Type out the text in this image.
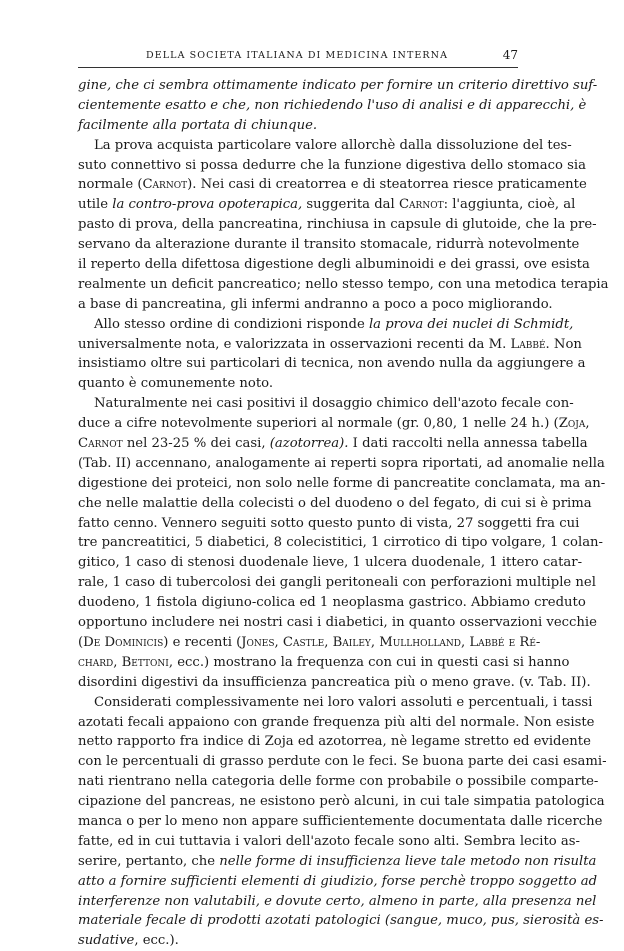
DELLA SOCIETA ITALIANA DI MEDICINA INTERNA	47
gine, che ci sembra ottimamente indicato per fornire un criterio direttivo suf-
cientemente esatto e che, non richiedendo l'uso di analisi e di apparecchi, è
facilmente alla portata di chiunque.
La prova acquista particolare valore allorchè dalla dissoluzione del tes-
suto connettivo si possa dedurre che la funzione digestiva dello stomaco sia
normale (Carnot). Nei casi di creatorrea e di steatorrea riesce praticamente
utile la contro-prova opoterapica, suggerita dal Carnot: l'aggiunta, cioè, al
pasto di prova, della pancreatina, rinchiusa in capsule di glutoide, che la pre-
servano da alterazione durante il transito stomacale, ridurrà notevolmente
il reperto della difettosa digestione degli albuminoidi e dei grassi, ove esista
realmente un deficit pancreatico; nello stesso tempo, con una metodica terapia
a base di pancreatina, gli infermi andranno a poco a poco migliorando.
Allo stesso ordine di condizioni risponde la prova dei nuclei di Schmidt,
universalmente nota, e valorizzata in osservazioni recenti da M. Labbé. Non
insistiamo oltre sui particolari di tecnica, non avendo nulla da aggiungere a
quanto è comunemente noto.
Naturalmente nei casi positivi il dosaggio chimico dell'azoto fecale con-
duce a cifre notevolmente superiori al normale (gr. 0,80, 1 nelle 24 h.) (Zoja,
Carnot nel 23-25 % dei casi, (azotorrea). I dati raccolti nella annessa tabella
(Tab. II) accennano, analogamente ai reperti sopra riportati, ad anomalie nella
digestione dei proteici, non solo nelle forme di pancreatite conclamata, ma an-
che nelle malattie della colecisti o del duodeno o del fegato, di cui si è prima
fatto cenno. Vennero seguiti sotto questo punto di vista, 27 soggetti fra cui
tre pancreatitici, 5 diabetici, 8 colecistitici, 1 cirrotico di tipo volgare, 1 colan-
gitico, 1 caso di stenosi duodenale lieve, 1 ulcera duodenale, 1 ittero catar-
rale, 1 caso di tubercolosi dei gangli peritoneali con perforazioni multiple nel
duodeno, 1 fistola digiuno-colica ed 1 neoplasma gastrico. Abbiamo creduto
opportuno includere nei nostri casi i diabetici, in quanto osservazioni vecchie
(De Dominicis) e recenti (Jones, Castle, Bailey, Mullholland, Labbé e Ré-
chard, Bettoni, ecc.) mostrano la frequenza con cui in questi casi si hanno
disordini digestivi da insufficienza pancreatica più o meno grave. (v. Tab. II).
Considerati complessivamente nei loro valori assoluti e percentuali, i tassi
azotati fecali appaiono con grande frequenza più alti del normale. Non esiste
netto rapporto fra indice di Zoja ed azotorrea, nè legame stretto ed evidente
con le percentuali di grasso perdute con le feci. Se buona parte dei casi esami-
nati rientrano nella categoria delle forme con probabile o possibile comparte-
cipazione del pancreas, ne esistono però alcuni, in cui tale simpatia patologica
manca o per lo meno non appare sufficientemente documentata dalle ricerche
fatte, ed in cui tuttavia i valori dell'azoto fecale sono alti. Sembra lecito as-
serire, pertanto, che nelle forme di insufficienza lieve tale metodo non risulta
atto a fornire sufficienti elementi di giudizio, forse perchè troppo soggetto ad
interferenze non valutabili, e dovute certo, almeno in parte, alla presenza nel
materiale fecale di prodotti azotati patologici (sangue, muco, pus, sierosità es-
sudative, ecc.).
